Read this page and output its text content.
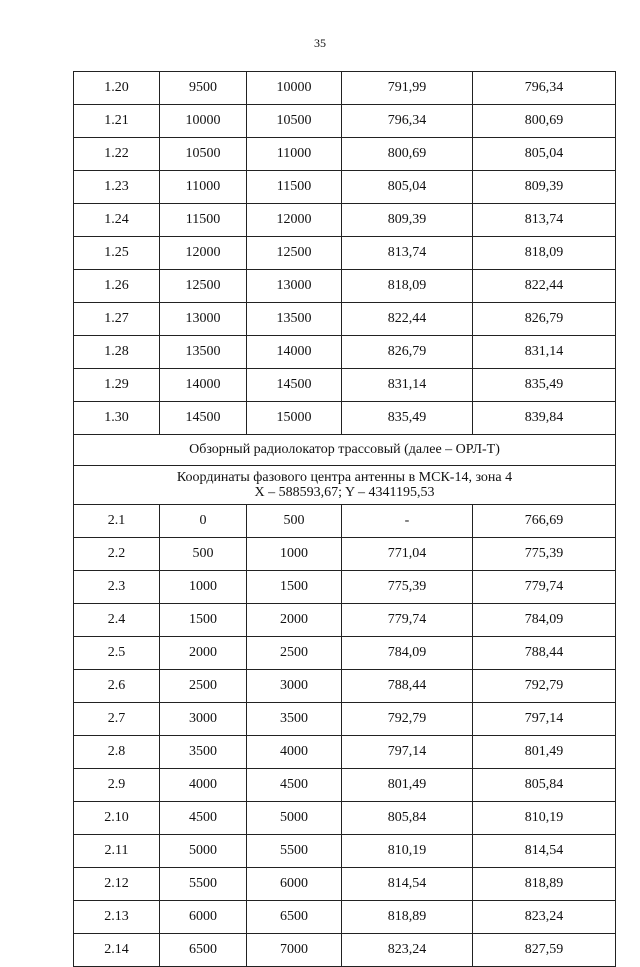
35
1.20	9500	10000	791,99	796,34
1.21	10000	10500	796,34	800,69
1.22	10500	11000	800,69	805,04
1.23	11000	11500	805,04	809,39
1.24	11500	12000	809,39	813,74
1.25	12000	12500	813,74	818,09
1.26	12500	13000	818,09	822,44
1.27	13000	13500	822,44	826,79
1.28	13500	14000	826,79	831,14
1.29	14000	14500	831,14	835,49
1.30	14500	15000	835,49	839,84
Обзорный радиолокатор трассовый (далее – ОРЛ-Т)				
Координаты фазового центра антенны в МСК-14, зона 4
X – 588593,67; Y – 4341195,53				
2.1	0	500	-	766,69
2.2	500	1000	771,04	775,39
2.3	1000	1500	775,39	779,74
2.4	1500	2000	779,74	784,09
2.5	2000	2500	784,09	788,44
2.6	2500	3000	788,44	792,79
2.7	3000	3500	792,79	797,14
2.8	3500	4000	797,14	801,49
2.9	4000	4500	801,49	805,84
2.10	4500	5000	805,84	810,19
2.11	5000	5500	810,19	814,54
2.12	5500	6000	814,54	818,89
2.13	6000	6500	818,89	823,24
2.14	6500	7000	823,24	827,59
